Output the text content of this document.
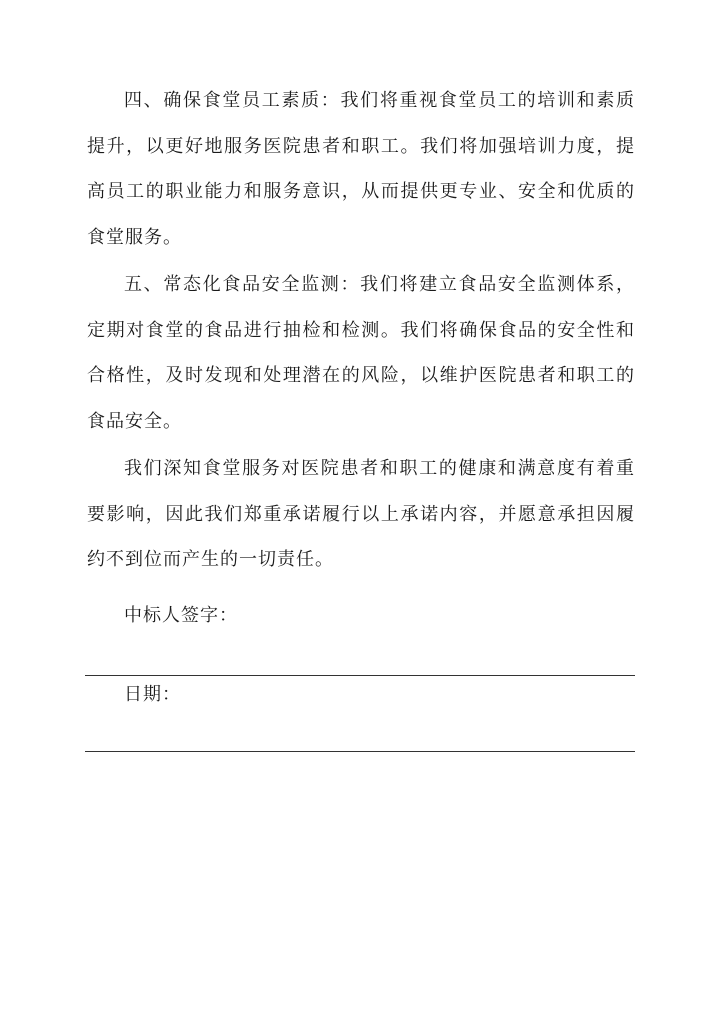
四、确保食堂员工素质：我们将重视食堂员工的培训和素质提升，以更好地服务医院患者和职工。我们将加强培训力度，提高员工的职业能力和服务意识，从而提供更专业、安全和优质的食堂服务。

五、常态化食品安全监测：我们将建立食品安全监测体系，定期对食堂的食品进行抽检和检测。我们将确保食品的安全性和合格性，及时发现和处理潜在的风险，以维护医院患者和职工的食品安全。

我们深知食堂服务对医院患者和职工的健康和满意度有着重要影响，因此我们郑重承诺履行以上承诺内容，并愿意承担因履约不到位而产生的一切责任。

中标人签字：
日期：
